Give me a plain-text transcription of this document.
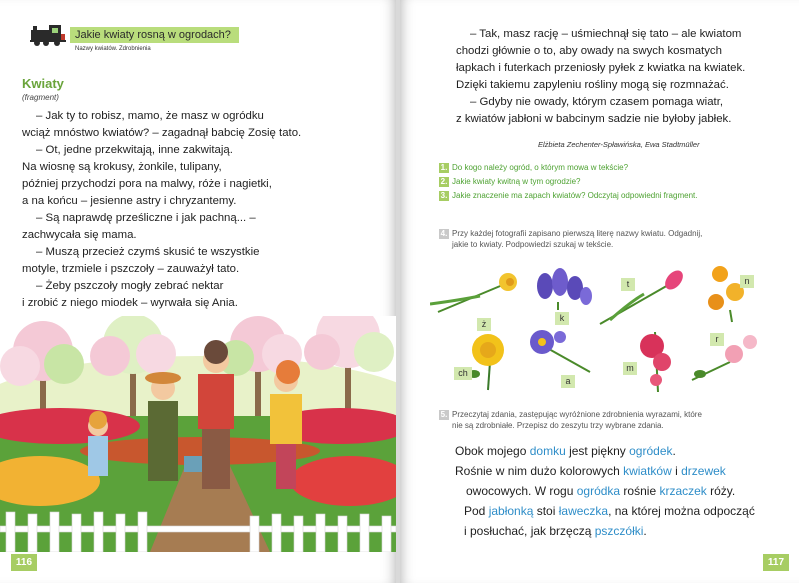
Jakie kwiaty rosną w ogrodach?
Nazwy kwiatów. Zdrobnienia
Kwiaty
(fragment)
– Jak ty to robisz, mamo, że masz w ogródku
wciąż mnóstwo kwiatów? – zagadnął babcię Zosię tato.
– Ot, jedne przekwitają, inne zakwitają.
Na wiosnę są krokusy, żonkile, tulipany,
później przychodzi pora na malwy, róże i nagietki,
a na końcu – jesienne astry i chryzantemy.
– Są naprawdę prześliczne i jak pachną... –
zachwycała się mama.
– Muszą przecież czymś skusić te wszystkie
motyle, trzmiele i pszczoły – zauważył tato.
– Żeby pszczoły mogły zebrać nektar
i zrobić z niego miodek – wyrwała się Ania.
116
– Tak, masz rację – uśmiechnął się tato – ale kwiatom
chodzi głównie o to, aby owady na swych kosmatych
łapkach i futerkach przeniosły pyłek z kwiatka na kwiatek.
Dzięki takiemu zapyleniu rośliny mogą się rozmnażać.
– Gdyby nie owady, którym czasem pomaga wiatr,
z kwiatów jabłoni w babcinym sadzie nie byłoby jabłek.
Elżbieta Zechenter-Spławińska, Ewa Stadtmüller
1. Do kogo należy ogród, o którym mowa w tekście?
2. Jakie kwiaty kwitną w tym ogrodzie?
3. Jakie znaczenie ma zapach kwiatów? Odczytaj odpowiedni fragment.
4. Przy każdej fotografii zapisano pierwszą literę nazwy kwiatu. Odgadnij,
jakie to kwiaty. Podpowiedzi szukaj w tekście.
ż
k
t	n
ch
a
m
r
5. Przeczytaj zdania, zastępując wyróżnione zdrobnienia wyrazami, które
nie są zdrobniałe. Przepisz do zeszytu trzy wybrane zdania.
Obok mojego domku jest piękny ogródek.
Rośnie w nim dużo kolorowych kwiatków i drzewek
owocowych. W rogu ogródka rośnie krzaczek róży.
Pod jabłonką stoi ławeczka, na której można odpocząć
i posłuchać, jak brzęczą pszczółki.
117
